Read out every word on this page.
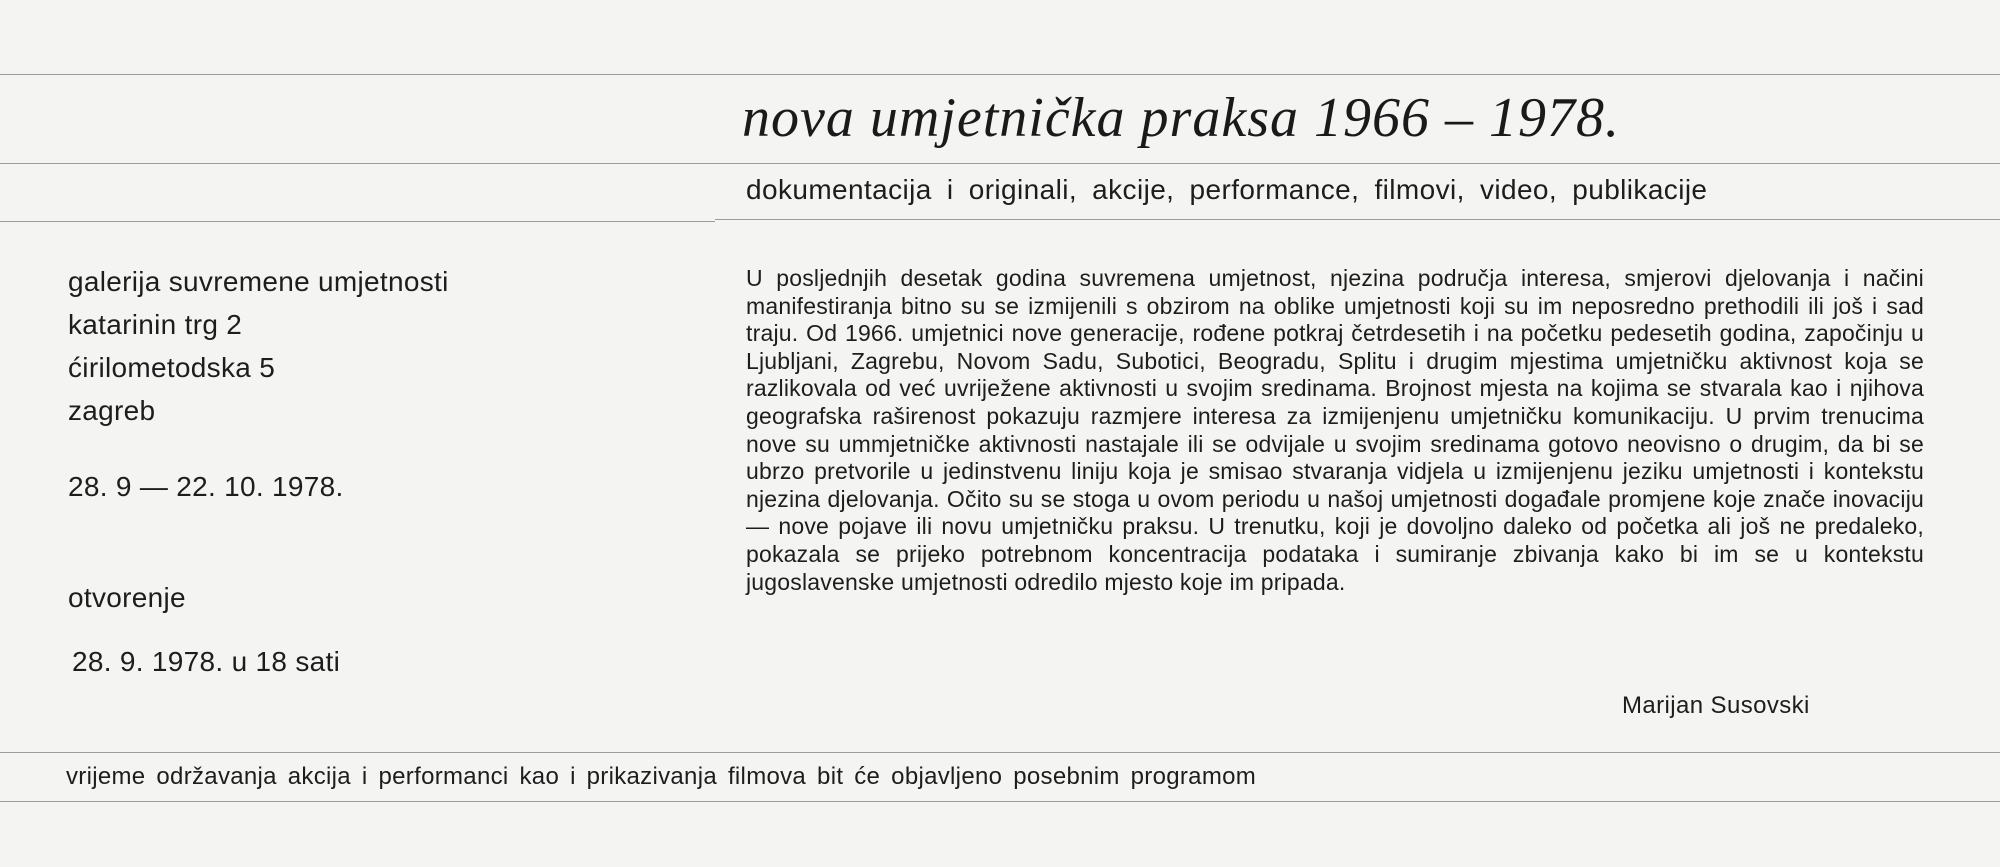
nova umjetnička praksa 1966 – 1978.
dokumentacija i originali, akcije, performance, filmovi, video, publikacije
galerija suvremene umjetnosti
katarinin trg 2
ćirilometodska 5
zagreb
28. 9 — 22. 10. 1978.
otvorenje
28. 9. 1978. u 18 sati

U posljednjih desetak godina suvremena umjetnost, njezina područja interesa, smjerovi djelovanja i načini manifestiranja bitno su se izmijenili s obzirom na oblike umjetnosti koji su im neposredno prethodili ili još i sad traju. Od 1966. umjetnici nove generacije, rođene potkraj četrdesetih i na početku pedesetih godina, započinju u Ljubljani, Zagrebu, Novom Sadu, Subotici, Beogradu, Splitu i drugim mjestima umjetničku aktivnost koja se razlikovala od već uvriježene aktivnosti u svojim sredinama. Brojnost mjesta na kojima se stvarala kao i njihova geografska raširenost pokazuju razmjere interesa za izmijenjenu umjetničku komunikaciju. U prvim trenucima nove su ummjetničke aktivnosti nastajale ili se odvijale u svojim sredinama gotovo neovisno o drugim, da bi se ubrzo pretvorile u jedinstvenu liniju koja je smisao stvaranja vidjela u izmijenjenu jeziku umjetnosti i kontekstu njezina djelovanja. Očito su se stoga u ovom periodu u našoj umjetnosti događale promjene koje znače inovaciju — nove pojave ili novu umjetničku praksu. U trenutku, koji je dovoljno daleko od početka ali još ne predaleko, pokazala se prijeko potrebnom koncentracija podataka i sumiranje zbivanja kako bi im se u kontekstu jugoslavenske umjetnosti odredilo mjesto koje im pripada.

Marijan Susovski
vrijeme održavanja akcija i performanci kao i prikazivanja filmova bit će objavljeno posebnim programom
